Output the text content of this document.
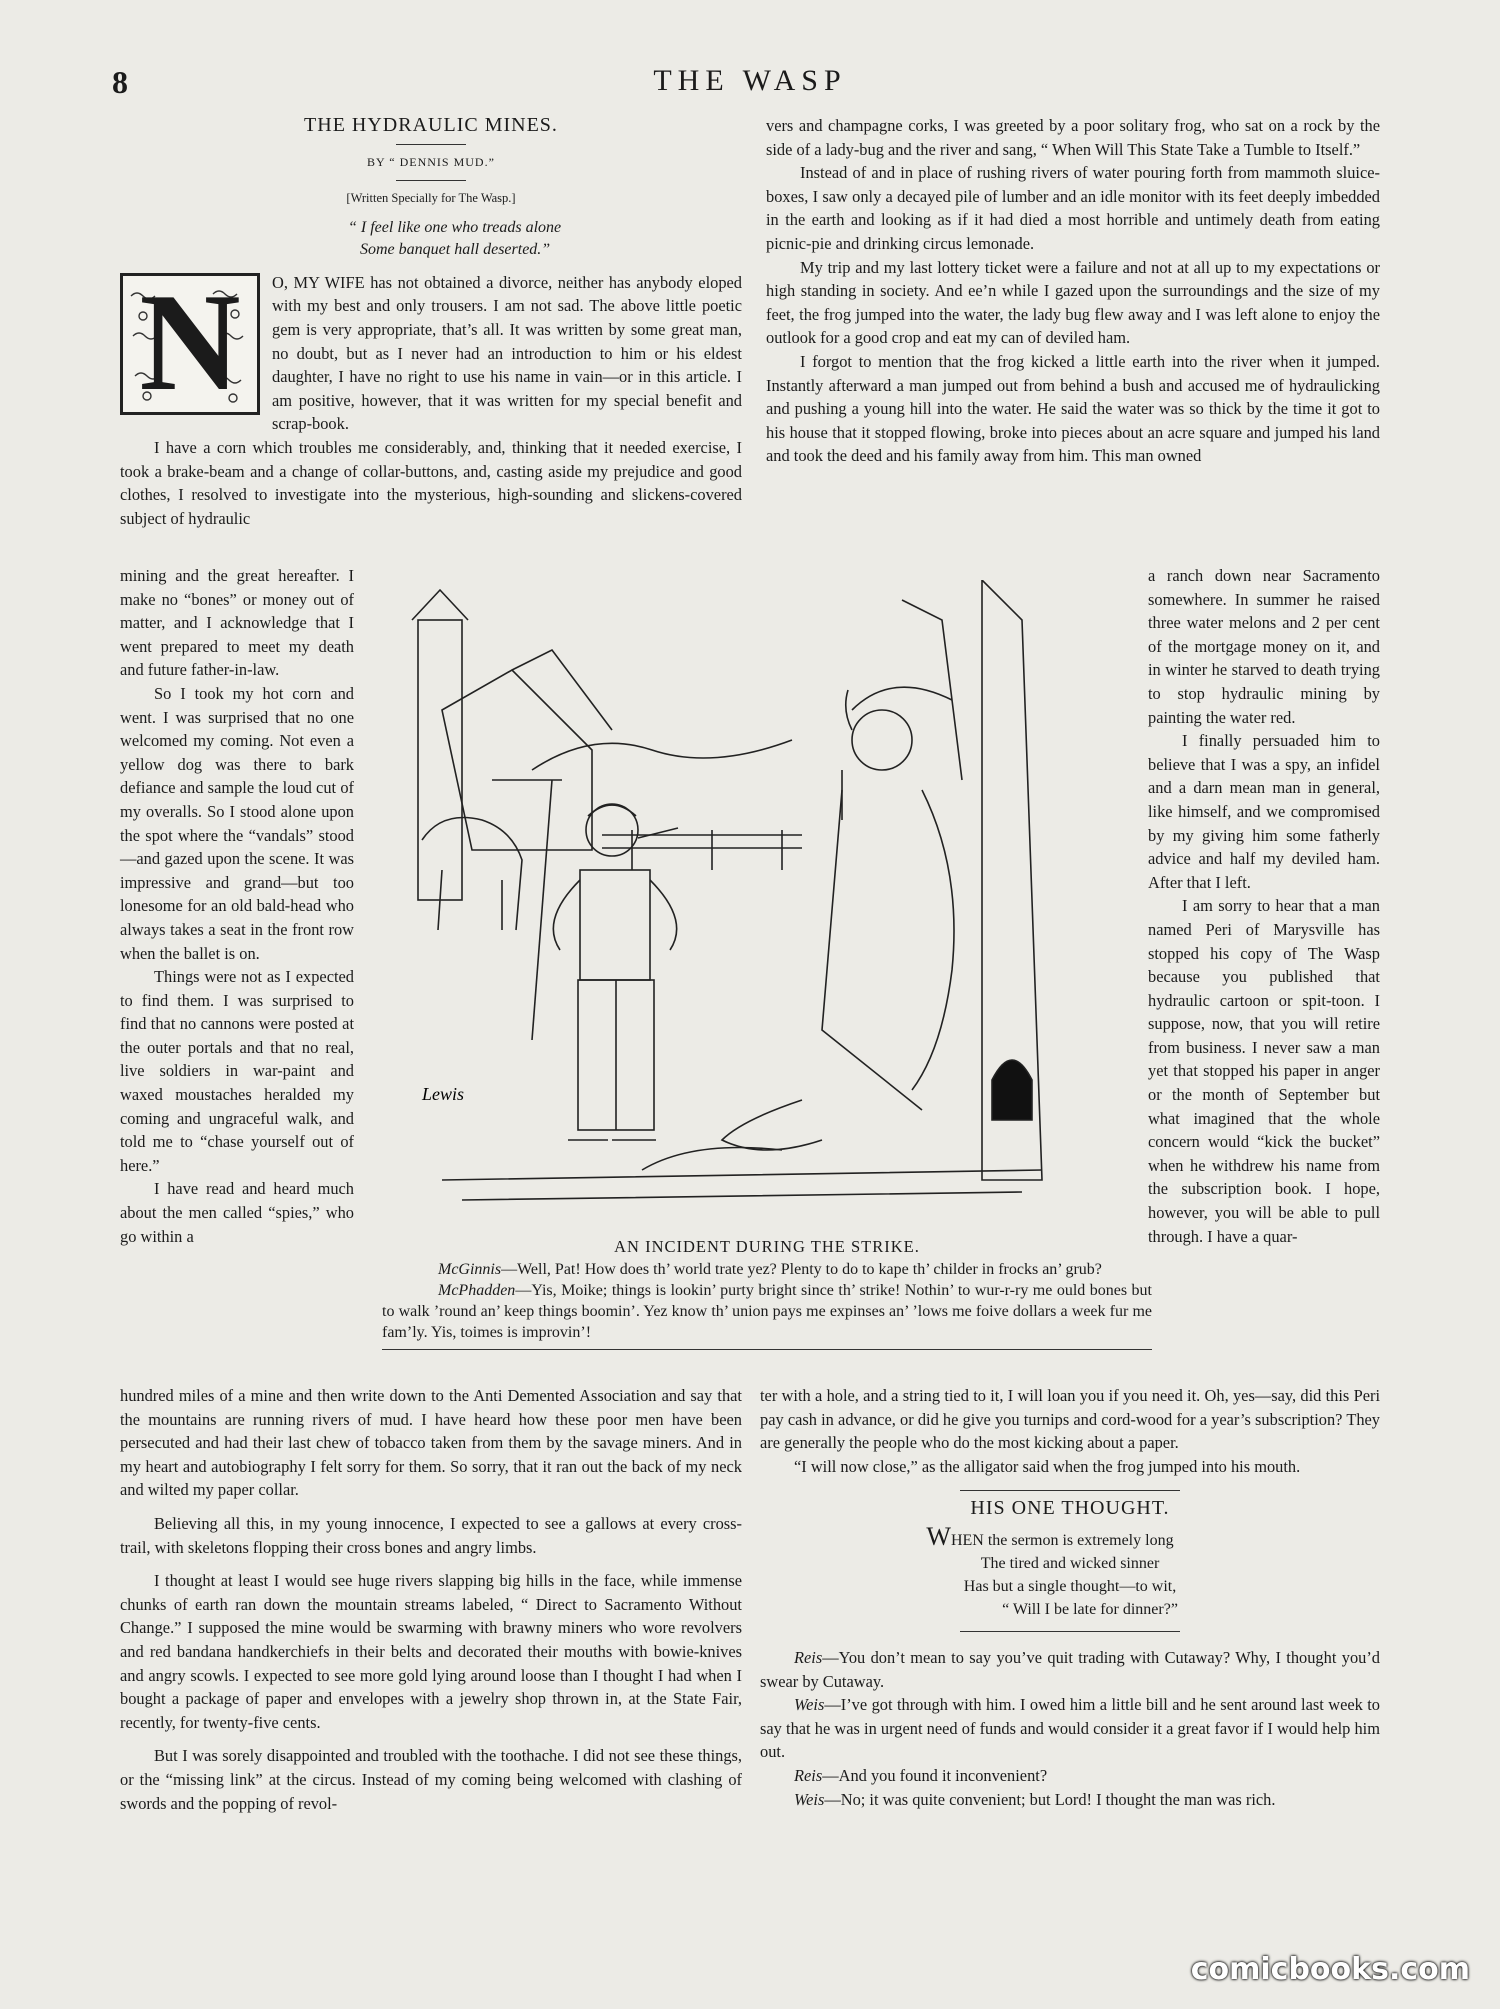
8	THE WASP
THE HYDRAULIC MINES.
BY “ DENNIS MUD.”
[Written Specially for The Wasp.]
“ I feel like one who treads alone
Some banquet hall deserted.”
N	O, MY WIFE has not obtained a divorce, neither has anybody eloped with my best and only trousers. I am not sad. The above little poetic gem is very appropriate, that’s all. It was written by some great man, no doubt, but as I never had an introduction to him or his eldest daughter, I have no right to use his name in vain—or in this article. I am positive, however, that it was written for my special benefit and scrap-book.

I have a corn which troubles me considerably, and, thinking that it needed exercise, I took a brake-beam and a change of collar-buttons, and, casting aside my prejudice and good clothes, I resolved to investigate into the mysterious, high-sounding and slickens-covered subject of hydraulic

mining and the great hereafter. I make no “bones” or money out of matter, and I acknowledge that I went prepared to meet my death and future father-in-law.

So I took my hot corn and went. I was surprised that no one welcomed my coming. Not even a yellow dog was there to bark defiance and sample the loud cut of my overalls. So I stood alone upon the spot where the “vandals” stood—and gazed upon the scene. It was impressive and grand—but too lonesome for an old bald-head who always takes a seat in the front row when the ballet is on.

Things were not as I expected to find them. I was surprised to find that no cannons were posted at the outer portals and that no real, live soldiers in war-paint and waxed moustaches heralded my coming and ungraceful walk, and told me to “chase yourself out of here.”

I have read and heard much about the men called “spies,” who go within a

Lewis
AN INCIDENT DURING THE STRIKE.

McGinnis—Well, Pat! How does th’ world trate yez? Plenty to do to kape th’ childer in frocks an’ grub?

McPhadden—Yis, Moike; things is lookin’ purty bright since th’ strike! Nothin’ to wur-r-ry me ould bones but to walk ’round an’ keep things boomin’. Yez know th’ union pays me expinses an’ ’lows me foive dollars a week fur me fam’ly. Yis, toimes is improvin’!

hundred miles of a mine and then write down to the Anti Demented Association and say that the mountains are running rivers of mud. I have heard how these poor men have been persecuted and had their last chew of tobacco taken from them by the savage miners. And in my heart and autobiography I felt sorry for them. So sorry, that it ran out the back of my neck and wilted my paper collar.

Believing all this, in my young innocence, I expected to see a gallows at every cross-trail, with skeletons flopping their cross bones and angry limbs.

I thought at least I would see huge rivers slapping big hills in the face, while immense chunks of earth ran down the mountain streams labeled, “ Direct to Sacramento Without Change.” I supposed the mine would be swarming with brawny miners who wore revolvers and red bandana handkerchiefs in their belts and decorated their mouths with bowie-knives and angry scowls. I expected to see more gold lying around loose than I thought I had when I bought a package of paper and envelopes with a jewelry shop thrown in, at the State Fair, recently, for twenty-five cents.

But I was sorely disappointed and troubled with the toothache. I did not see these things, or the “missing link” at the circus. Instead of my coming being welcomed with clashing of swords and the popping of revol-

vers and champagne corks, I was greeted by a poor solitary frog, who sat on a rock by the side of a lady-bug and the river and sang, “ When Will This State Take a Tumble to Itself.”

Instead of and in place of rushing rivers of water pouring forth from mammoth sluice-boxes, I saw only a decayed pile of lumber and an idle monitor with its feet deeply imbedded in the earth and looking as if it had died a most horrible and untimely death from eating picnic-pie and drinking circus lemonade.

My trip and my last lottery ticket were a failure and not at all up to my expectations or high standing in society. And ee’n while I gazed upon the surroundings and the size of my feet, the frog jumped into the water, the lady bug flew away and I was left alone to enjoy the outlook for a good crop and eat my can of deviled ham.

I forgot to mention that the frog kicked a little earth into the river when it jumped. Instantly afterward a man jumped out from behind a bush and accused me of hydraulicking and pushing a young hill into the water. He said the water was so thick by the time it got to his house that it stopped flowing, broke into pieces about an acre square and jumped his land and took the deed and his family away from him. This man owned

a ranch down near Sacramento somewhere. In summer he raised three water melons and 2 per cent of the mortgage money on it, and in winter he starved to death trying to stop hydraulic mining by painting the water red.

I finally persuaded him to believe that I was a spy, an infidel and a darn mean man in general, like himself, and we compromised by my giving him some fatherly advice and half my deviled ham. After that I left.

I am sorry to hear that a man named Peri of Marysville has stopped his copy of The Wasp because you published that hydraulic cartoon or spit-toon. I suppose, now, that you will retire from business. I never saw a man yet that stopped his paper in anger or the month of September but what imagined that the whole concern would “kick the bucket” when he withdrew his name from the subscription book. I hope, however, you will be able to pull through. I have a quar-

ter with a hole, and a string tied to it, I will loan you if you need it. Oh, yes—say, did this Peri pay cash in advance, or did he give you turnips and cord-wood for a year’s subscription? They are generally the people who do the most kicking about a paper.

“I will now close,” as the alligator said when the frog jumped into his mouth.

HIS ONE THOUGHT.
WHEN the sermon is extremely long
The tired and wicked sinner
Has but a single thought—to wit,
“ Will I be late for dinner?”

Reis—You don’t mean to say you’ve quit trading with Cutaway? Why, I thought you’d swear by Cutaway.

Weis—I’ve got through with him. I owed him a little bill and he sent around last week to say that he was in urgent need of funds and would consider it a great favor if I would help him out.

Reis—And you found it inconvenient?

Weis—No; it was quite convenient; but Lord! I thought the man was rich.

comicbooks.com
